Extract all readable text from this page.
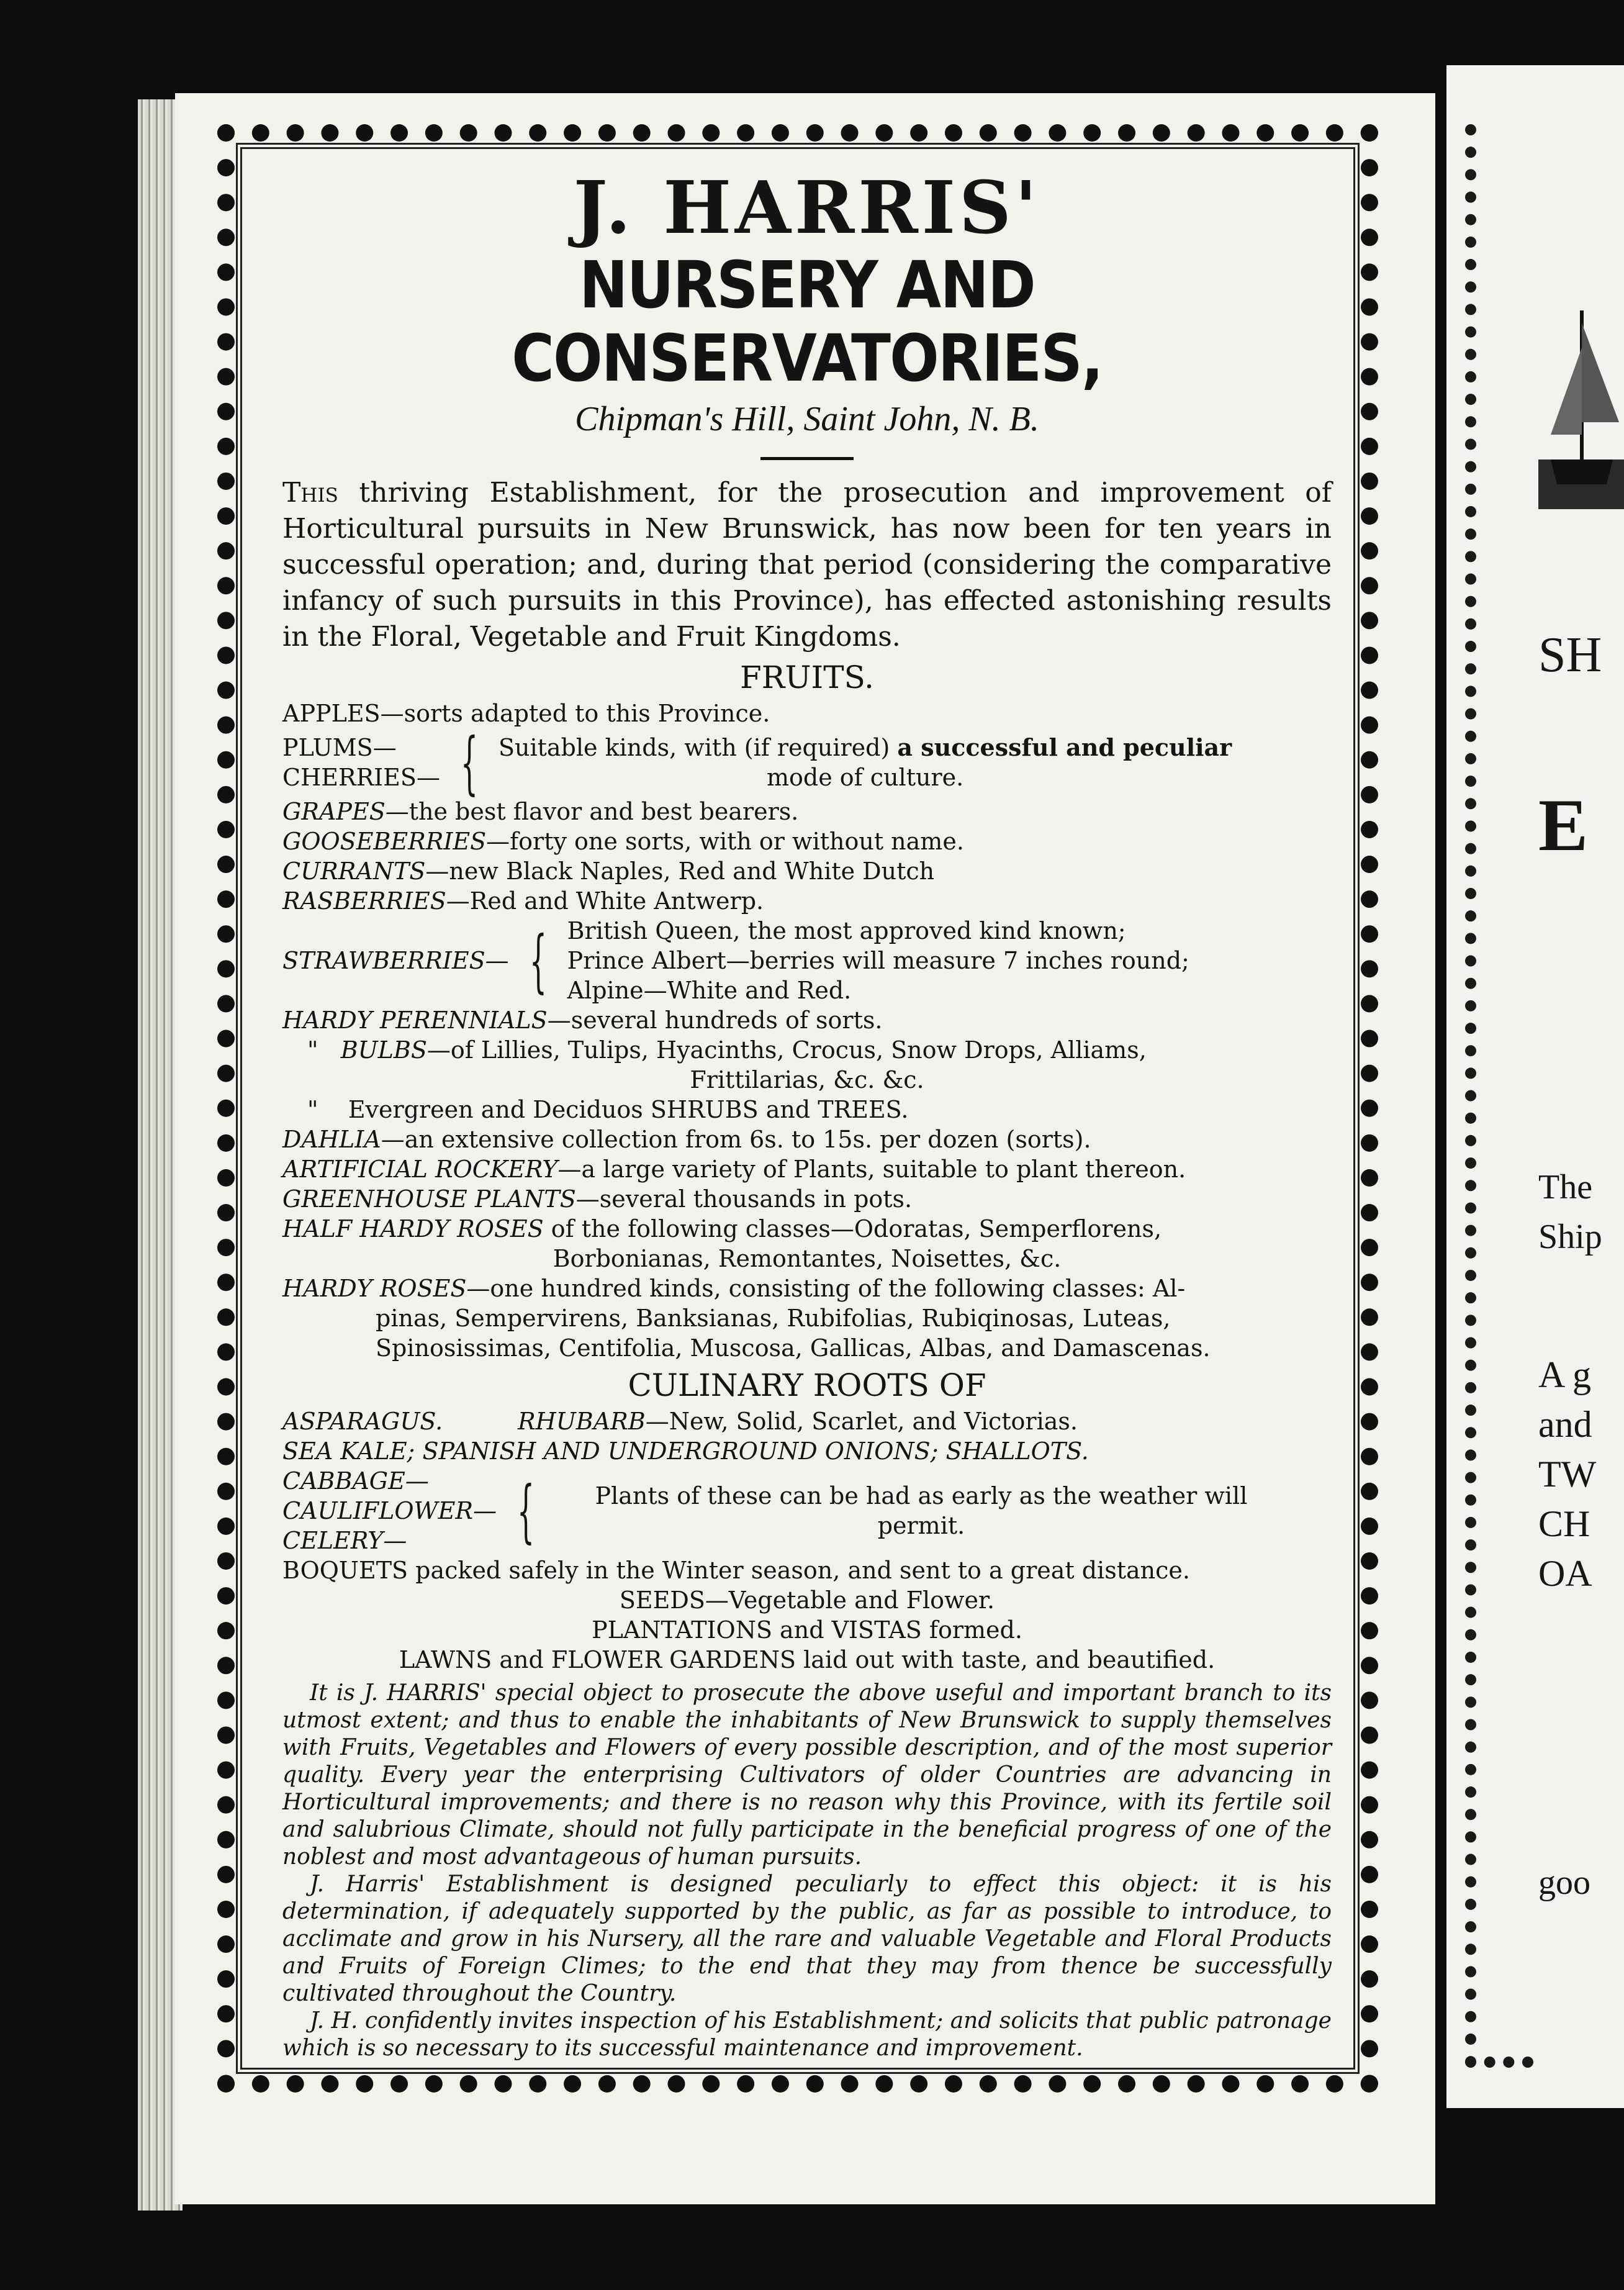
J. HARRIS'
NURSERY AND CONSERVATORIES,
Chipman's Hill, Saint John, N. B.

This thriving Establishment, for the prosecution and improvement of Horticultural pursuits in New Brunswick, has now been for ten years in successful operation; and, during that period (considering the comparative infancy of such pursuits in this Province), has effected astonishing results in the Floral, Vegetable and Fruit Kingdoms.

FRUITS.

APPLES—sorts adapted to this Province.

PLUMS—
CHERRIES— { Suitable kinds, with (if required) a successful and peculiar
mode of culture.

GRAPES—the best flavor and best bearers.

GOOSEBERRIES—forty one sorts, with or without name.

CURRANTS—new Black Naples, Red and White Dutch

RASBERRIES—Red and White Antwerp.

STRAWBERRIES— { British Queen, the most approved kind known;
Prince Albert—berries will measure 7 inches round;
Alpine—White and Red.

HARDY PERENNIALS—several hundreds of sorts.

" BULBS—of Lillies, Tulips, Hyacinths, Crocus, Snow Drops, Alliams,

Frittilarias, &c. &c.

" Evergreen and Deciduos SHRUBS and TREES.

DAHLIA—an extensive collection from 6s. to 15s. per dozen (sorts).

ARTIFICIAL ROCKERY—a large variety of Plants, suitable to plant thereon.

GREENHOUSE PLANTS—several thousands in pots.

HALF HARDY ROSES of the following classes—Odoratas, Semperflorens,

Borbonianas, Remontantes, Noisettes, &c.

HARDY ROSES—one hundred kinds, consisting of the following classes: Al-

pinas, Sempervirens, Banksianas, Rubifolias, Rubiqinosas, Luteas,

Spinosissimas, Centifolia, Muscosa, Gallicas, Albas, and Damascenas.

CULINARY ROOTS OF

ASPARAGUS.	RHUBARB—New, Solid, Scarlet, and Victorias.

SEA KALE; SPANISH AND UNDERGROUND ONIONS; SHALLOTS.

CABBAGE—
CAULIFLOWER—
CELERY—	{	Plants of these can be had as early as the weather will permit.

BOQUETS packed safely in the Winter season, and sent to a great distance.

SEEDS—Vegetable and Flower.

PLANTATIONS and VISTAS formed.

LAWNS and FLOWER GARDENS laid out with taste, and beautified.

It is J. HARRIS' special object to prosecute the above useful and important branch to its utmost extent; and thus to enable the inhabitants of New Brunswick to supply themselves with Fruits, Vegetables and Flowers of every possible description, and of the most superior quality. Every year the enterprising Cultivators of older Countries are advancing in Horticultural improvements; and there is no reason why this Province, with its fertile soil and salubrious Climate, should not fully participate in the beneficial progress of one of the noblest and most advantageous of human pursuits.

J. Harris' Establishment is designed peculiarly to effect this object: it is his determination, if adequately supported by the public, as far as possible to introduce, to acclimate and grow in his Nursery, all the rare and valuable Vegetable and Floral Products and Fruits of Foreign Climes; to the end that they may from thence be successfully cultivated throughout the Country.

J. H. confidently invites inspection of his Establishment; and solicits that public patronage which is so necessary to its successful maintenance and improvement.

SH
E
The
Ship
A g
and
TW
CH
OA
goo
